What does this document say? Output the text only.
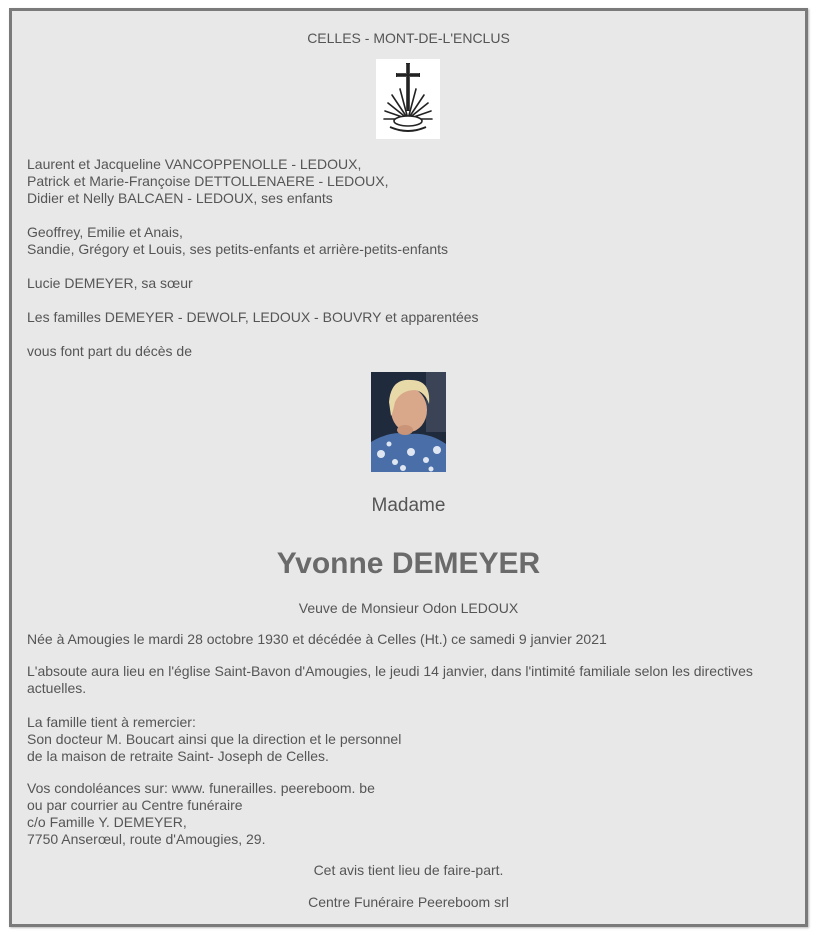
CELLES - MONT-DE-L'ENCLUS
Laurent et Jacqueline VANCOPPENOLLE - LEDOUX,
Patrick et Marie-Françoise DETTOLLENAERE - LEDOUX,
Didier et Nelly BALCAEN - LEDOUX, ses enfants
Geoffrey, Emilie et Anais,
Sandie, Grégory et Louis, ses petits-enfants et arrière-petits-enfants
Lucie DEMEYER, sa sœur
Les familles DEMEYER - DEWOLF, LEDOUX - BOUVRY et apparentées
vous font part du décès de
Madame
Yvonne DEMEYER
Veuve de Monsieur Odon LEDOUX
Née à Amougies le mardi 28 octobre 1930 et décédée à Celles (Ht.) ce samedi 9 janvier 2021
L'absoute aura lieu en l'église Saint-Bavon d'Amougies, le jeudi 14 janvier, dans l'intimité familiale selon les directives
actuelles.
La famille tient à remercier:
Son docteur M. Boucart ainsi que la direction et le personnel
de la maison de retraite Saint- Joseph de Celles.
Vos condoléances sur: www. funerailles. peereboom. be
ou par courrier au Centre funéraire
c/o Famille Y. DEMEYER,
7750 Anserœul, route d'Amougies, 29.
Cet avis tient lieu de faire-part.
Centre Funéraire Peereboom srl
